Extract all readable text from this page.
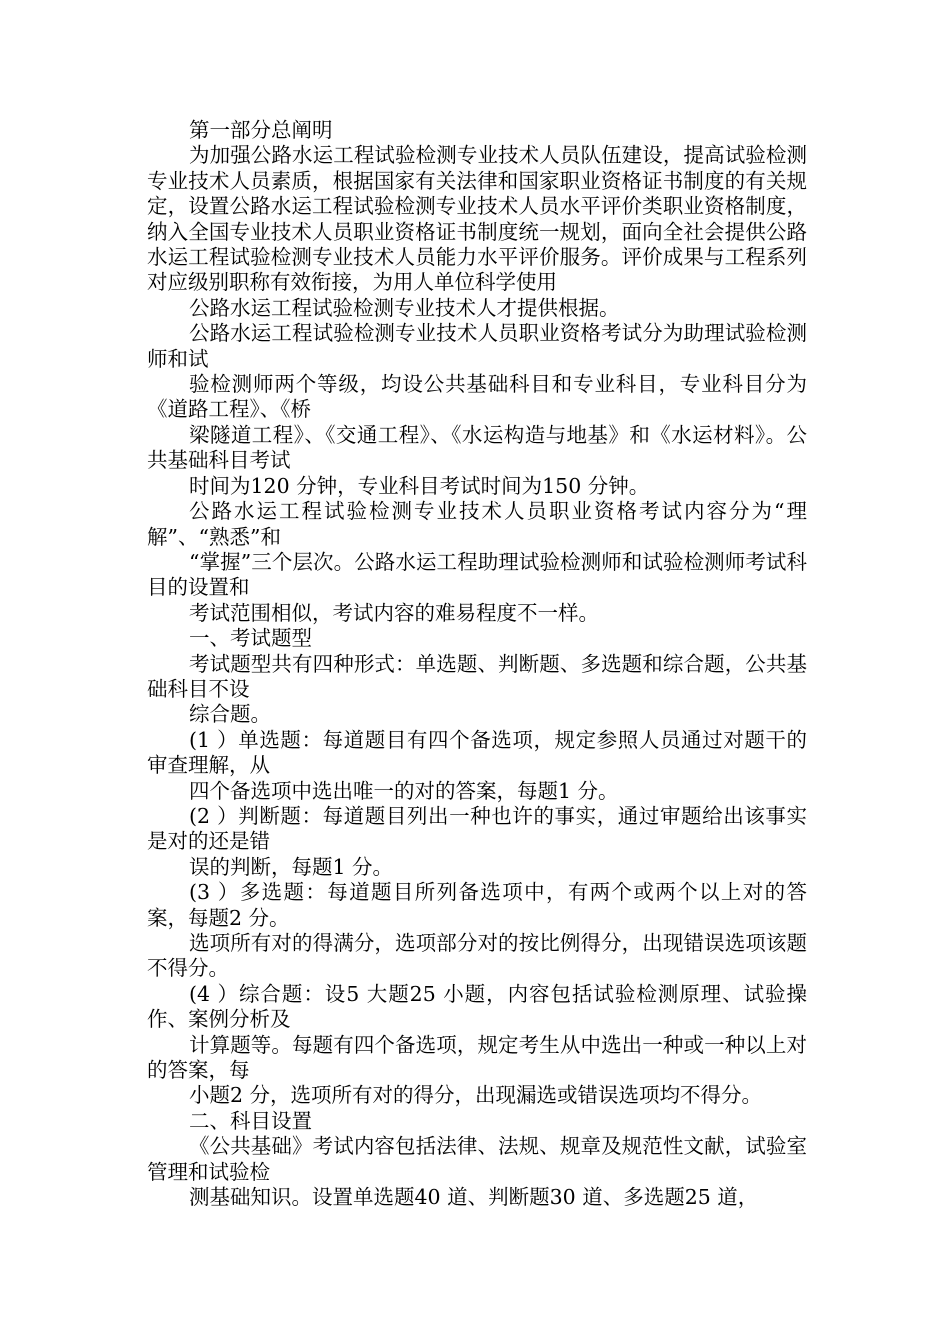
第一部分总阐明

为加强公路水运工程试验检测专业技术人员队伍建设，提高试验检测专业技术人员素质，根据国家有关法律和国家职业资格证书制度的有关规定，设置公路水运工程试验检测专业技术人员水平评价类职业资格制度，纳入全国专业技术人员职业资格证书制度统一规划，面向全社会提供公路水运工程试验检测专业技术人员能力水平评价服务。评价成果与工程系列对应级别职称有效衔接，为用人单位科学使用

公路水运工程试验检测专业技术人才提供根据。

公路水运工程试验检测专业技术人员职业资格考试分为助理试验检测师和试

验检测师两个等级，均设公共基础科目和专业科目，专业科目分为《道路工程》、《桥

梁隧道工程》、《交通工程》、《水运构造与地基》和《水运材料》。公共基础科目考试

时间为120 分钟，专业科目考试时间为150 分钟。

公路水运工程试验检测专业技术人员职业资格考试内容分为“理解”、“熟悉”和

“掌握”三个层次。公路水运工程助理试验检测师和试验检测师考试科目的设置和

考试范围相似，考试内容的难易程度不一样。

一、考试题型

考试题型共有四种形式：单选题、判断题、多选题和综合题，公共基础科目不设

综合题。

(1 ）单选题：每道题目有四个备选项，规定参照人员通过对题干的审查理解，从

四个备选项中选出唯一的对的答案，每题1 分。

(2 ）判断题：每道题目列出一种也许的事实，通过审题给出该事实是对的还是错

误的判断，每题1 分。

(3 ）多选题：每道题目所列备选项中，有两个或两个以上对的答案，每题2 分。

选项所有对的得满分，选项部分对的按比例得分，出现错误选项该题不得分。

(4 ）综合题：设5 大题25 小题，内容包括试验检测原理、试验操作、案例分析及

计算题等。每题有四个备选项，规定考生从中选出一种或一种以上对的答案，每

小题2 分，选项所有对的得分，出现漏选或错误选项均不得分。

二、科目设置

《公共基础》考试内容包括法律、法规、规章及规范性文献，试验室管理和试验检

测基础知识。设置单选题40 道、判断题30 道、多选题25 道，
